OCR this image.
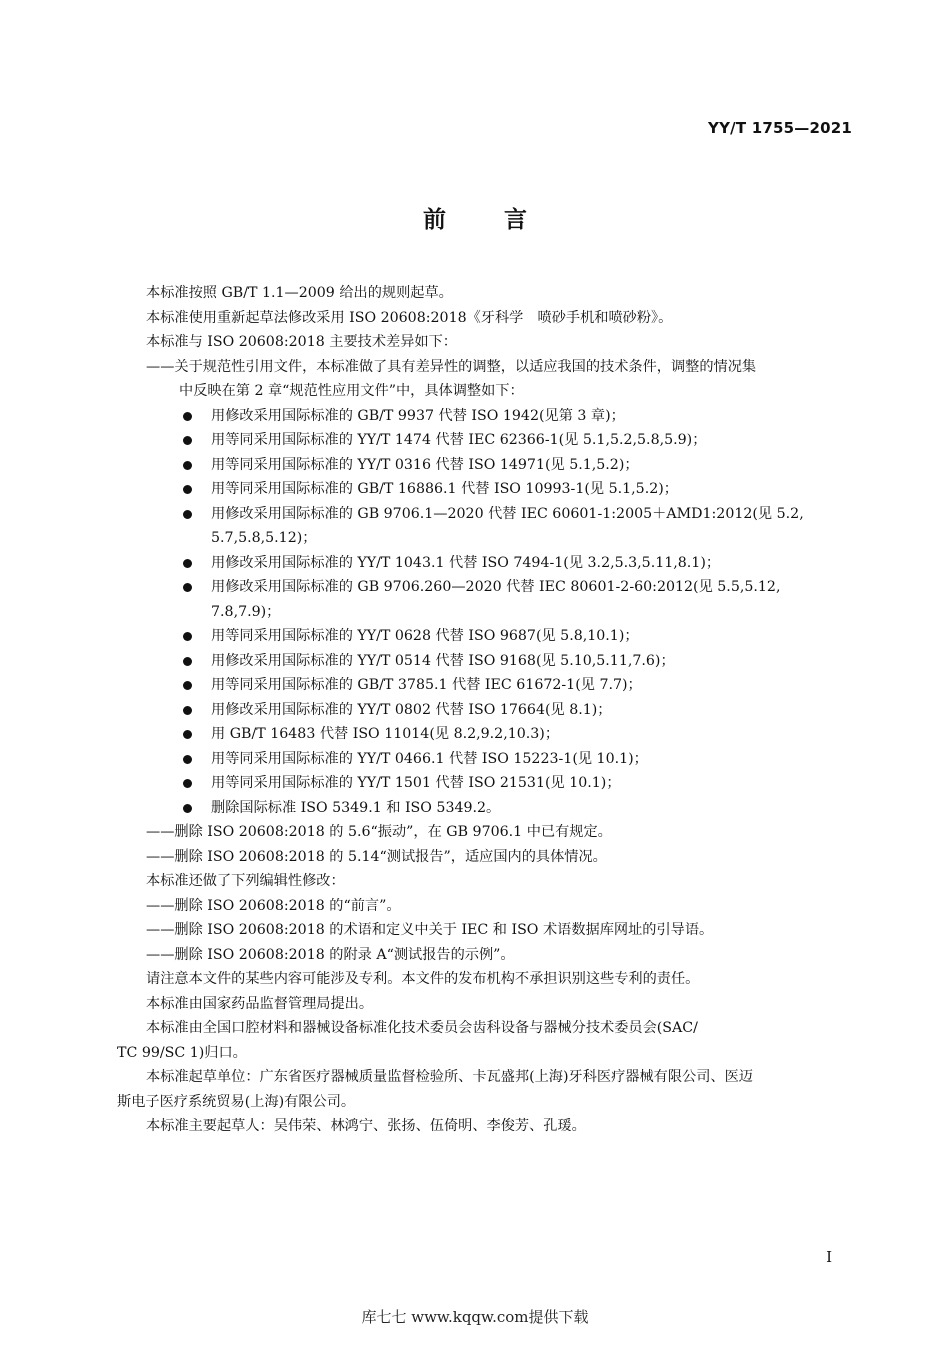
YY/T 1755—2021
前言
本标准按照 GB/T 1.1—2009 给出的规则起草。
本标准使用重新起草法修改采用 ISO 20608:2018《牙科学　喷砂手机和喷砂粉》。
本标准与 ISO 20608:2018 主要技术差异如下：
——关于规范性引用文件，本标准做了具有差异性的调整，以适应我国的技术条件，调整的情况集
中反映在第 2 章“规范性应用文件”中，具体调整如下：
用修改采用国际标准的 GB/T 9937 代替 ISO 1942(见第 3 章)；
用等同采用国际标准的 YY/T 1474 代替 IEC 62366-1(见 5.1,5.2,5.8,5.9)；
用等同采用国际标准的 YY/T 0316 代替 ISO 14971(见 5.1,5.2)；
用等同采用国际标准的 GB/T 16886.1 代替 ISO 10993-1(见 5.1,5.2)；
用修改采用国际标准的 GB 9706.1—2020 代替 IEC 60601-1:2005＋AMD1:2012(见 5.2,
5.7,5.8,5.12)；
用修改采用国际标准的 YY/T 1043.1 代替 ISO 7494-1(见 3.2,5.3,5.11,8.1)；
用修改采用国际标准的 GB 9706.260—2020 代替 IEC 80601-2-60:2012(见 5.5,5.12,
7.8,7.9)；
用等同采用国际标准的 YY/T 0628 代替 ISO 9687(见 5.8,10.1)；
用修改采用国际标准的 YY/T 0514 代替 ISO 9168(见 5.10,5.11,7.6)；
用等同采用国际标准的 GB/T 3785.1 代替 IEC 61672-1(见 7.7)；
用修改采用国际标准的 YY/T 0802 代替 ISO 17664(见 8.1)；
用 GB/T 16483 代替 ISO 11014(见 8.2,9.2,10.3)；
用等同采用国际标准的 YY/T 0466.1 代替 ISO 15223-1(见 10.1)；
用等同采用国际标准的 YY/T 1501 代替 ISO 21531(见 10.1)；
删除国际标准 ISO 5349.1 和 ISO 5349.2。
——删除 ISO 20608:2018 的 5.6“振动”，在 GB 9706.1 中已有规定。
——删除 ISO 20608:2018 的 5.14“测试报告”，适应国内的具体情况。
本标准还做了下列编辑性修改：
——删除 ISO 20608:2018 的“前言”。
——删除 ISO 20608:2018 的术语和定义中关于 IEC 和 ISO 术语数据库网址的引导语。
——删除 ISO 20608:2018 的附录 A“测试报告的示例”。
请注意本文件的某些内容可能涉及专利。本文件的发布机构不承担识别这些专利的责任。
本标准由国家药品监督管理局提出。
本标准由全国口腔材料和器械设备标准化技术委员会齿科设备与器械分技术委员会(SAC/
TC 99/SC 1)归口。
本标准起草单位：广东省医疗器械质量监督检验所、卡瓦盛邦(上海)牙科医疗器械有限公司、医迈
斯电子医疗系统贸易(上海)有限公司。
本标准主要起草人：吴伟荣、林鸿宁、张扬、伍倚明、李俊芳、孔瑗。
I
库七七 www.kqqw.com提供下载
